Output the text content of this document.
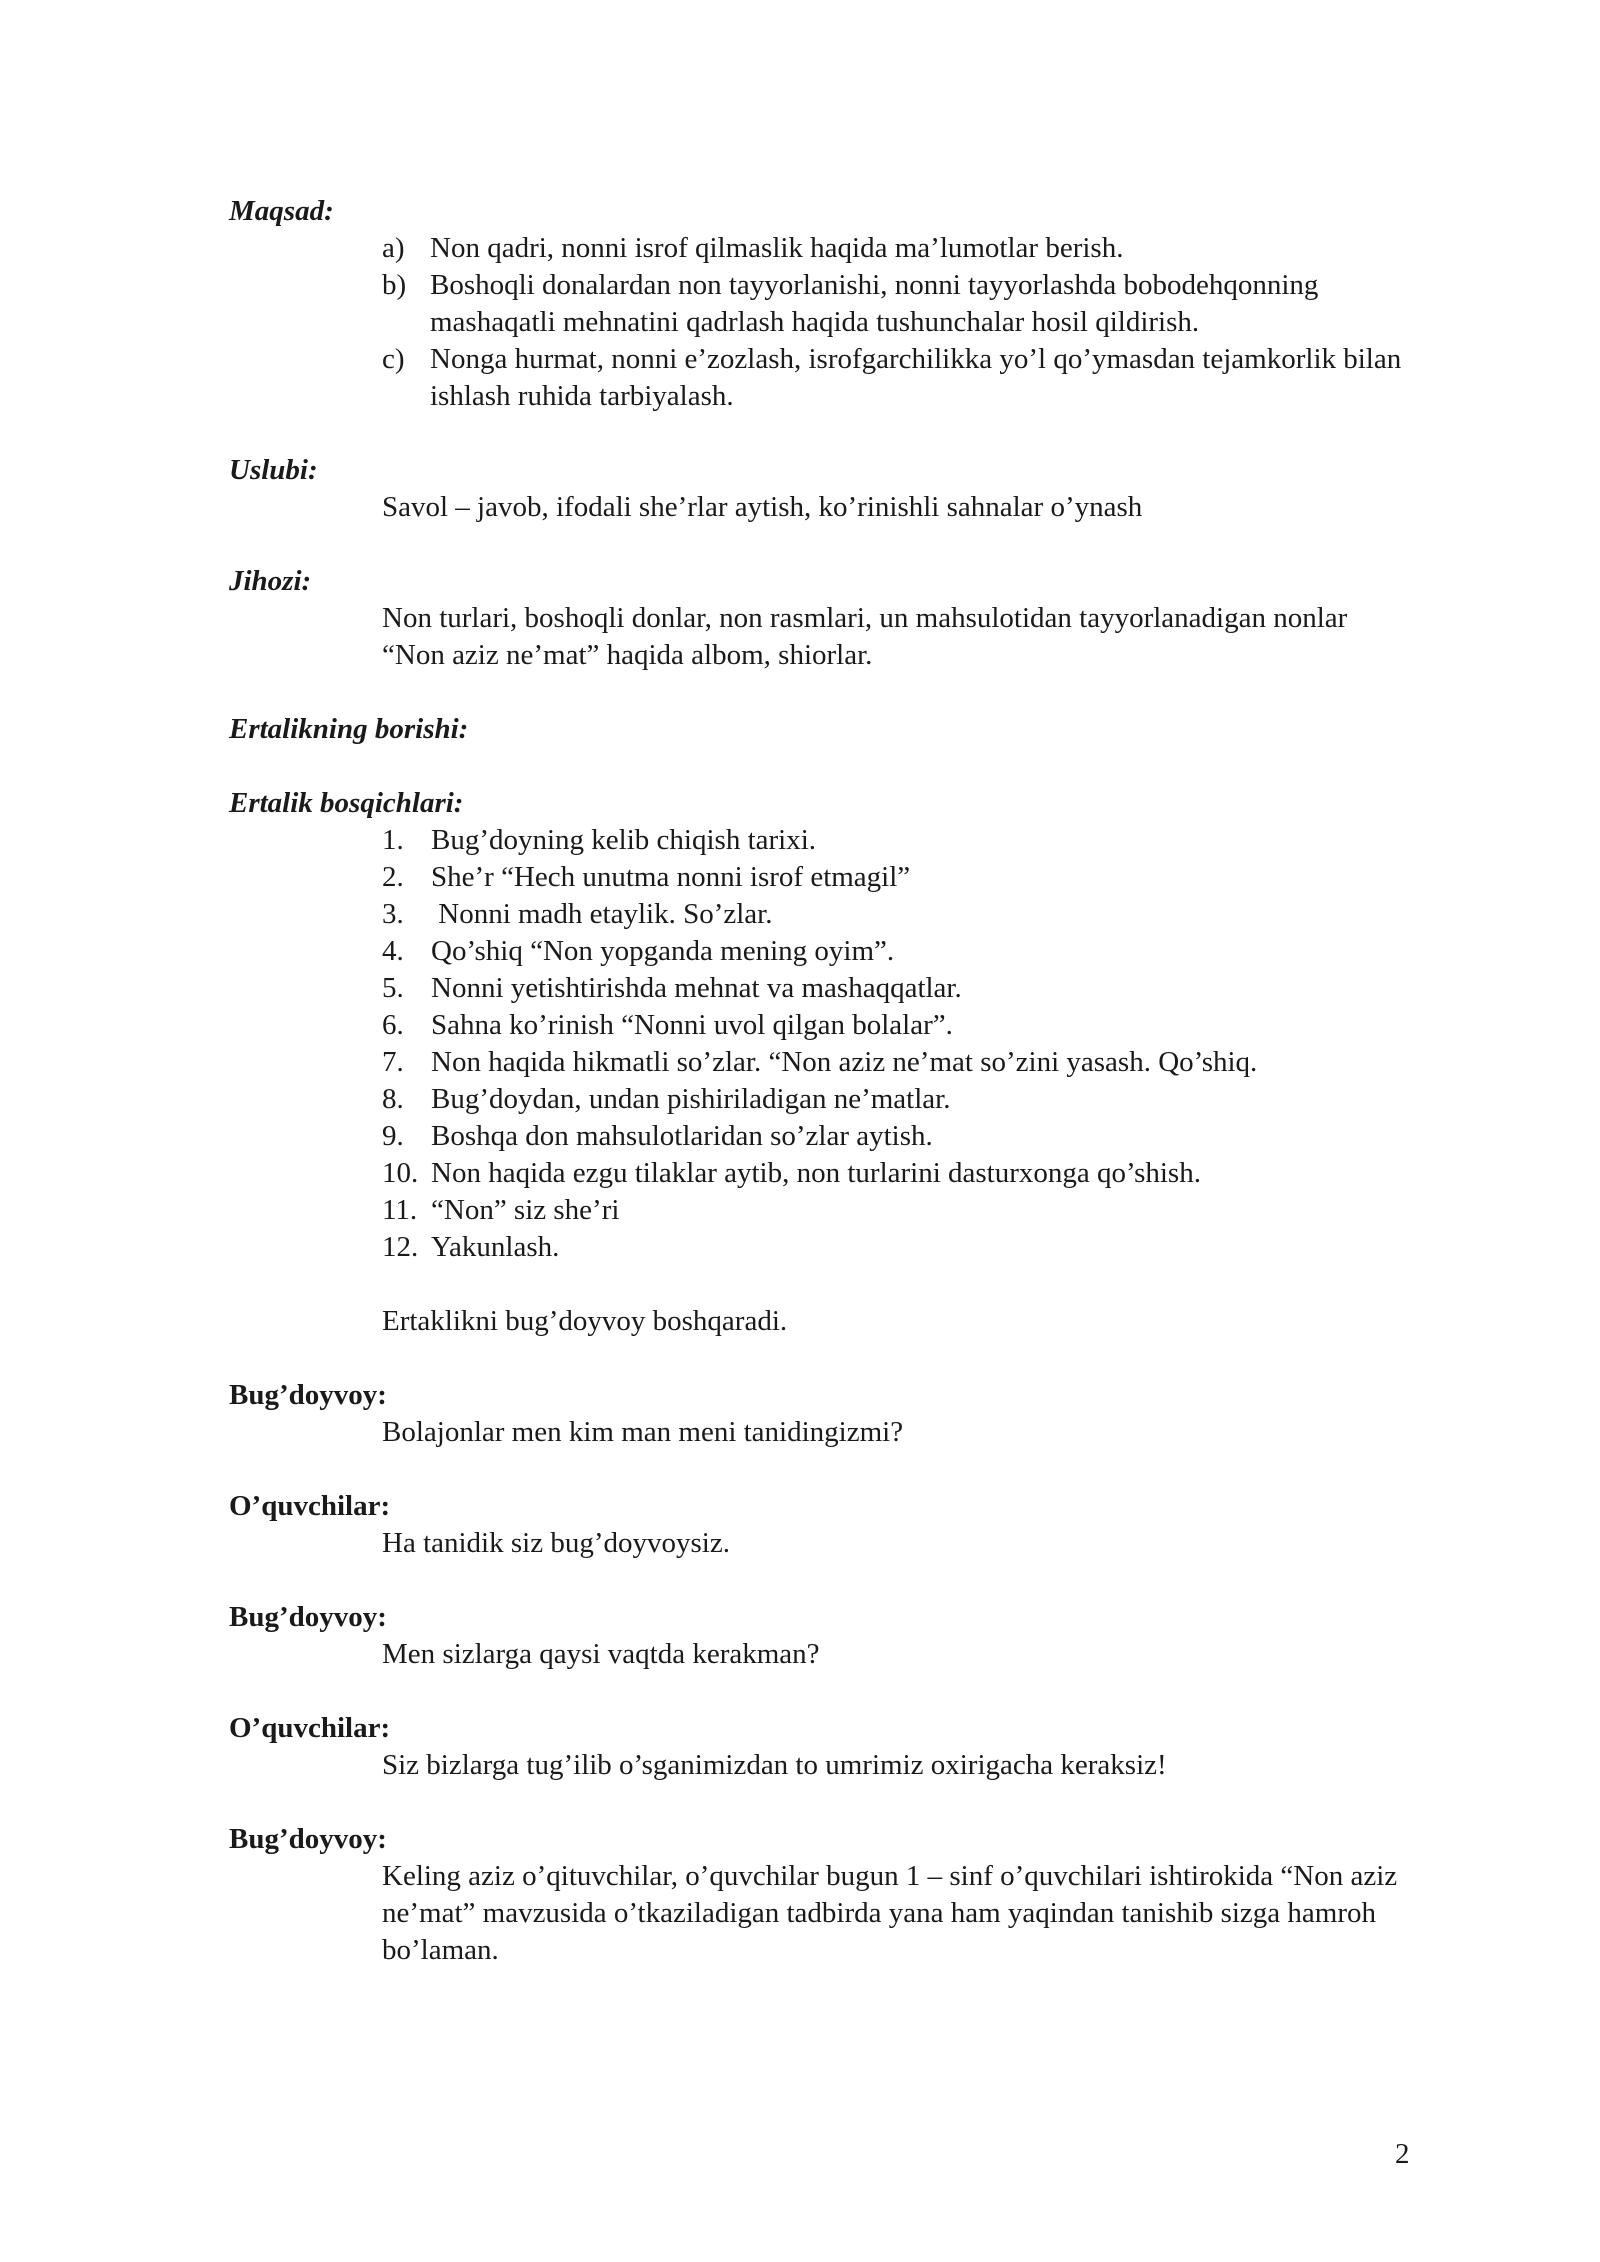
Maqsad:
a) Non qadri, nonni isrof qilmaslik haqida ma’lumotlar berish.
b) Boshoqli donalardan non tayyorlanishi, nonni tayyorlashda bobodehqonning mashaqatli mehnatini qadrlash haqida tushunchalar hosil qildirish.
c) Nonga hurmat, nonni e’zozlash, isrofgarchilikka yo’l qo’ymasdan tejamkorlik bilan ishlash ruhida tarbiyalash.
Uslubi:
Savol – javob, ifodali she’rlar aytish, ko’rinishli sahnalar o’ynash
Jihozi:
Non turlari, boshoqli donlar, non rasmlari, un mahsulotidan tayyorlanadigan nonlar “Non aziz ne’mat” haqida albom, shiorlar.
Ertalikning borishi:
Ertalik bosqichlari:
1. Bug’doyning kelib chiqish tarixi.
2. She’r “Hech unutma nonni isrof etmagil”
3. Nonni madh etaylik. So’zlar.
4. Qo’shiq “Non yopganda mening oyim”.
5. Nonni yetishtirishda mehnat va mashaqqatlar.
6. Sahna ko’rinish “Nonni uvol qilgan bolalar”.
7. Non haqida hikmatli so’zlar. “Non aziz ne’mat so’zini yasash. Qo’shiq.
8. Bug’doydan, undan pishiriladigan ne’matlar.
9. Boshqa don mahsulotlaridan so’zlar aytish.
10. Non haqida ezgu tilaklar aytib, non turlarini dasturxonga qo’shish.
11. “Non” siz she’ri
12. Yakunlash.
Ertaklikni bug’doyvoy boshqaradi.
Bug’doyvoy:
Bolajonlar men kim man meni tanidingizmi?
O’quvchilar:
Ha tanidik siz bug’doyvoysiz.
Bug’doyvoy:
Men sizlarga qaysi vaqtda kerakman?
O’quvchilar:
Siz bizlarga tug’ilib o’sganimizdan to umrimiz oxirigacha keraksiz!
Bug’doyvoy:
Keling aziz o’qituvchilar, o’quvchilar bugun 1 – sinf o’quvchilari ishtirokida “Non aziz ne’mat” mavzusida o’tkaziladigan tadbirda yana ham yaqindan tanishib sizga hamroh bo’laman.
2
